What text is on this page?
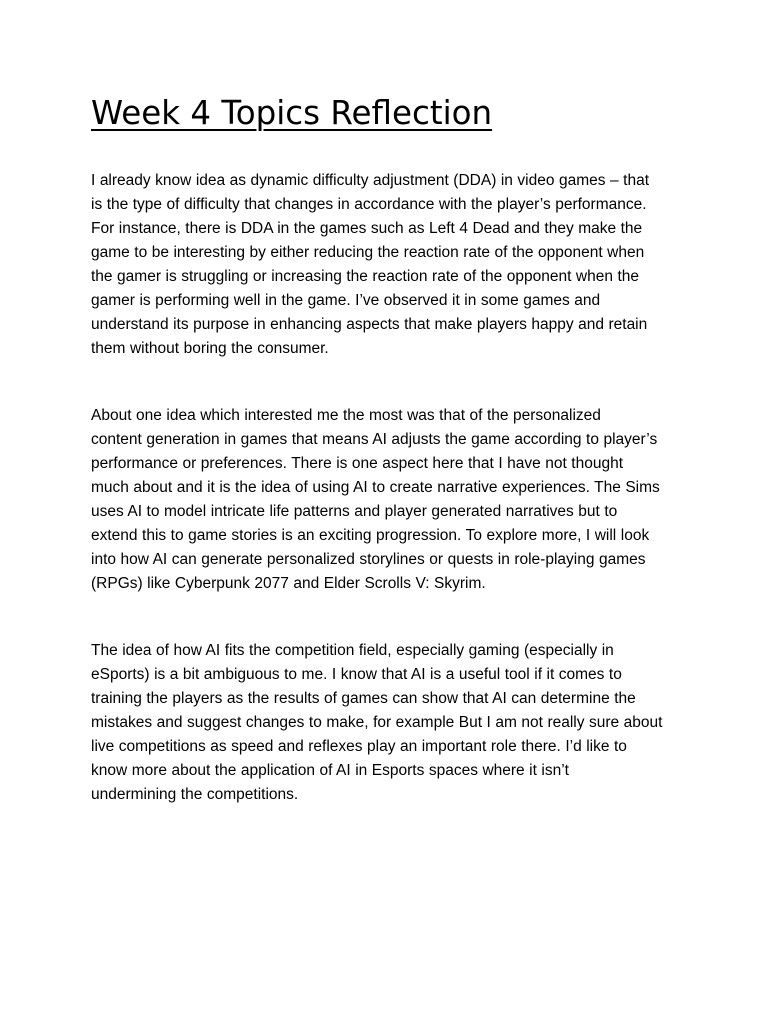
Week 4 Topics Reflection

I already know idea as dynamic difficulty adjustment (DDA) in video games – that
is the type of difficulty that changes in accordance with the player’s performance.
For instance, there is DDA in the games such as Left 4 Dead and they make the
game to be interesting by either reducing the reaction rate of the opponent when
the gamer is struggling or increasing the reaction rate of the opponent when the
gamer is performing well in the game. I’ve observed it in some games and
understand its purpose in enhancing aspects that make players happy and retain
them without boring the consumer.

About one idea which interested me the most was that of the personalized
content generation in games that means AI adjusts the game according to player’s
performance or preferences. There is one aspect here that I have not thought
much about and it is the idea of using AI to create narrative experiences. The Sims
uses AI to model intricate life patterns and player generated narratives but to
extend this to game stories is an exciting progression. To explore more, I will look
into how AI can generate personalized storylines or quests in role-playing games
(RPGs) like Cyberpunk 2077 and Elder Scrolls V: Skyrim.

The idea of how AI fits the competition field, especially gaming (especially in
eSports) is a bit ambiguous to me. I know that AI is a useful tool if it comes to
training the players as the results of games can show that AI can determine the
mistakes and suggest changes to make, for example But I am not really sure about
live competitions as speed and reflexes play an important role there. I’d like to
know more about the application of AI in Esports spaces where it isn’t
undermining the competitions.
